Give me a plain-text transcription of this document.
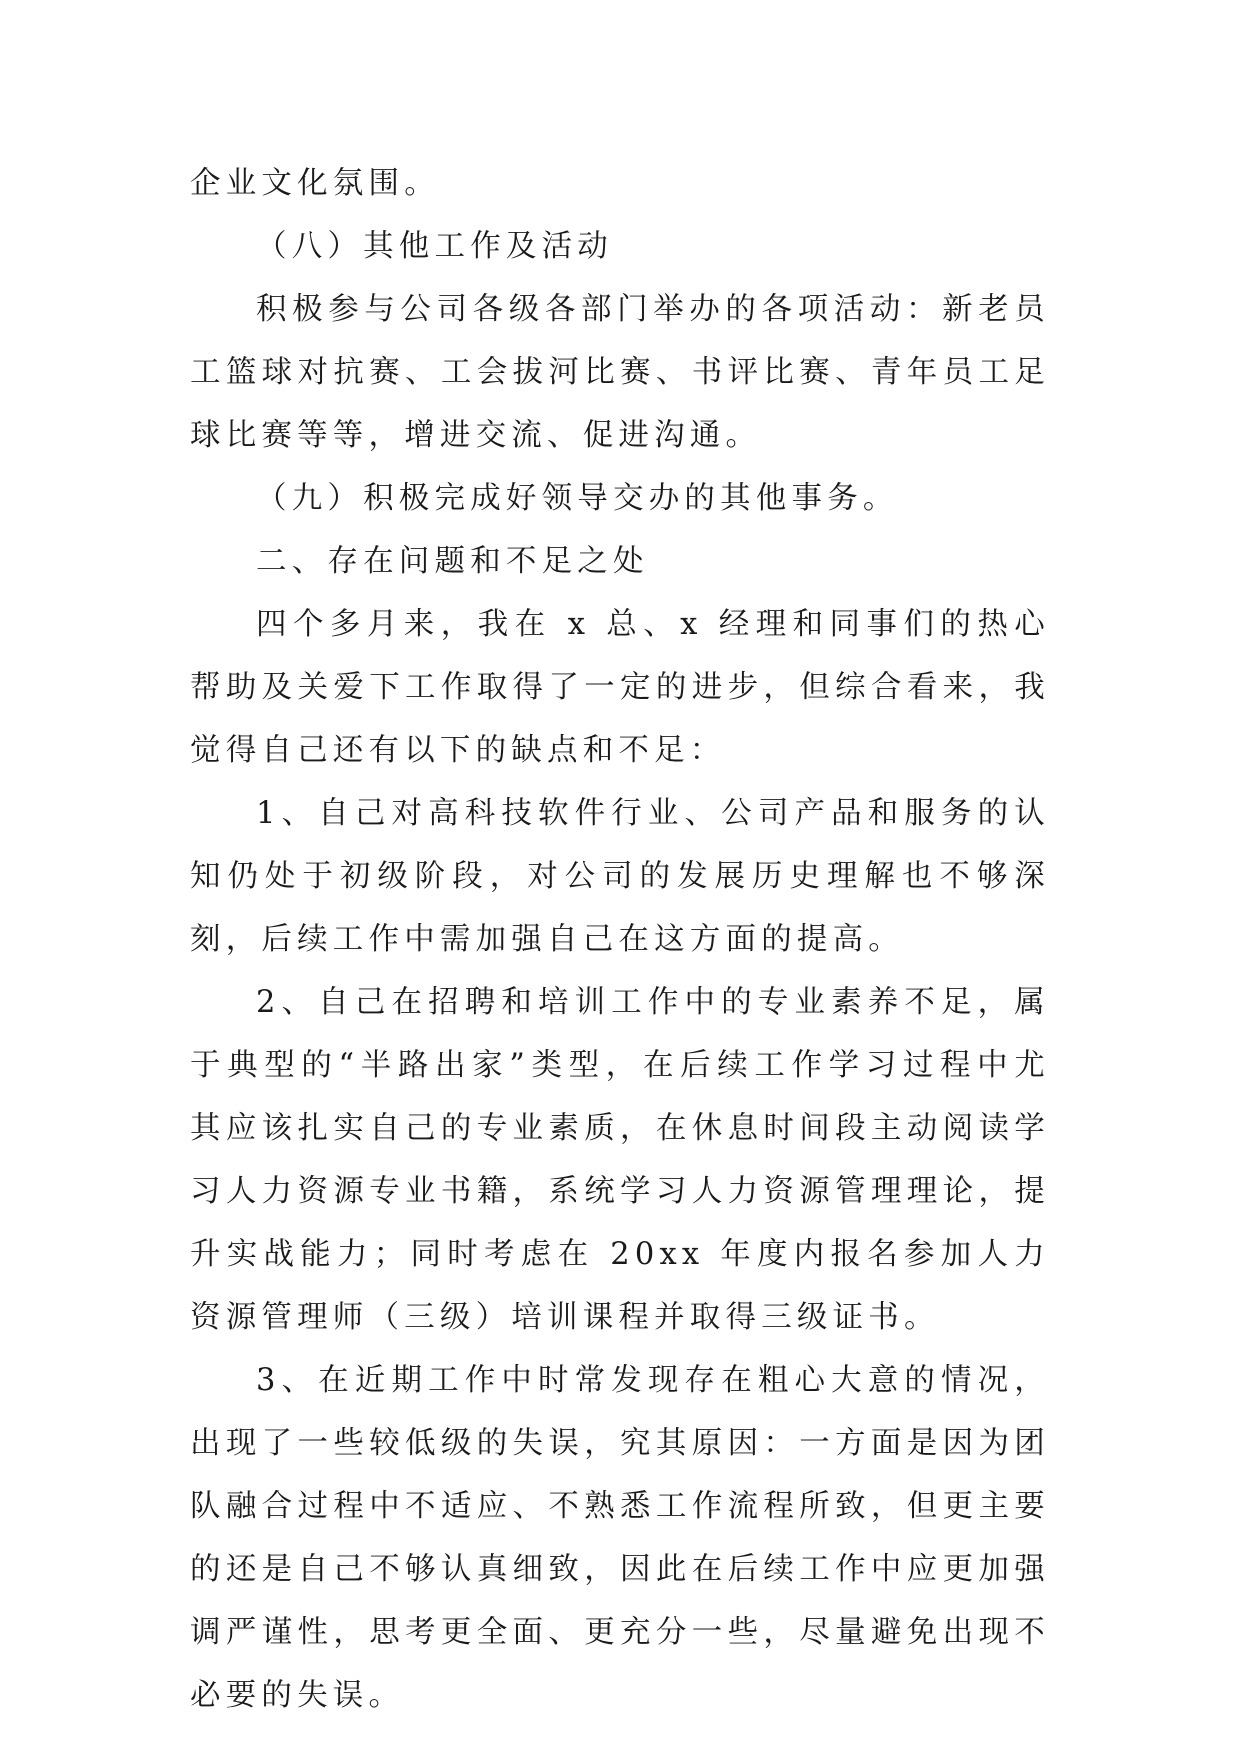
企业文化氛围。

（八）其他工作及活动

积极参与公司各级各部门举办的各项活动：新老员工篮球对抗赛、工会拔河比赛、书评比赛、青年员工足球比赛等等，增进交流、促进沟通。

（九）积极完成好领导交办的其他事务。

二、存在问题和不足之处

四个多月来，我在 x 总、x 经理和同事们的热心帮助及关爱下工作取得了一定的进步，但综合看来，我觉得自己还有以下的缺点和不足：

1、自己对高科技软件行业、公司产品和服务的认知仍处于初级阶段，对公司的发展历史理解也不够深刻，后续工作中需加强自己在这方面的提高。

2、自己在招聘和培训工作中的专业素养不足，属于典型的“半路出家”类型，在后续工作学习过程中尤其应该扎实自己的专业素质，在休息时间段主动阅读学习人力资源专业书籍，系统学习人力资源管理理论，提升实战能力；同时考虑在 20xx 年度内报名参加人力资源管理师（三级）培训课程并取得三级证书。

3、在近期工作中时常发现存在粗心大意的情况，出现了一些较低级的失误，究其原因：一方面是因为团队融合过程中不适应、不熟悉工作流程所致，但更主要的还是自己不够认真细致，因此在后续工作中应更加强调严谨性，思考更全面、更充分一些，尽量避免出现不必要的失误。
